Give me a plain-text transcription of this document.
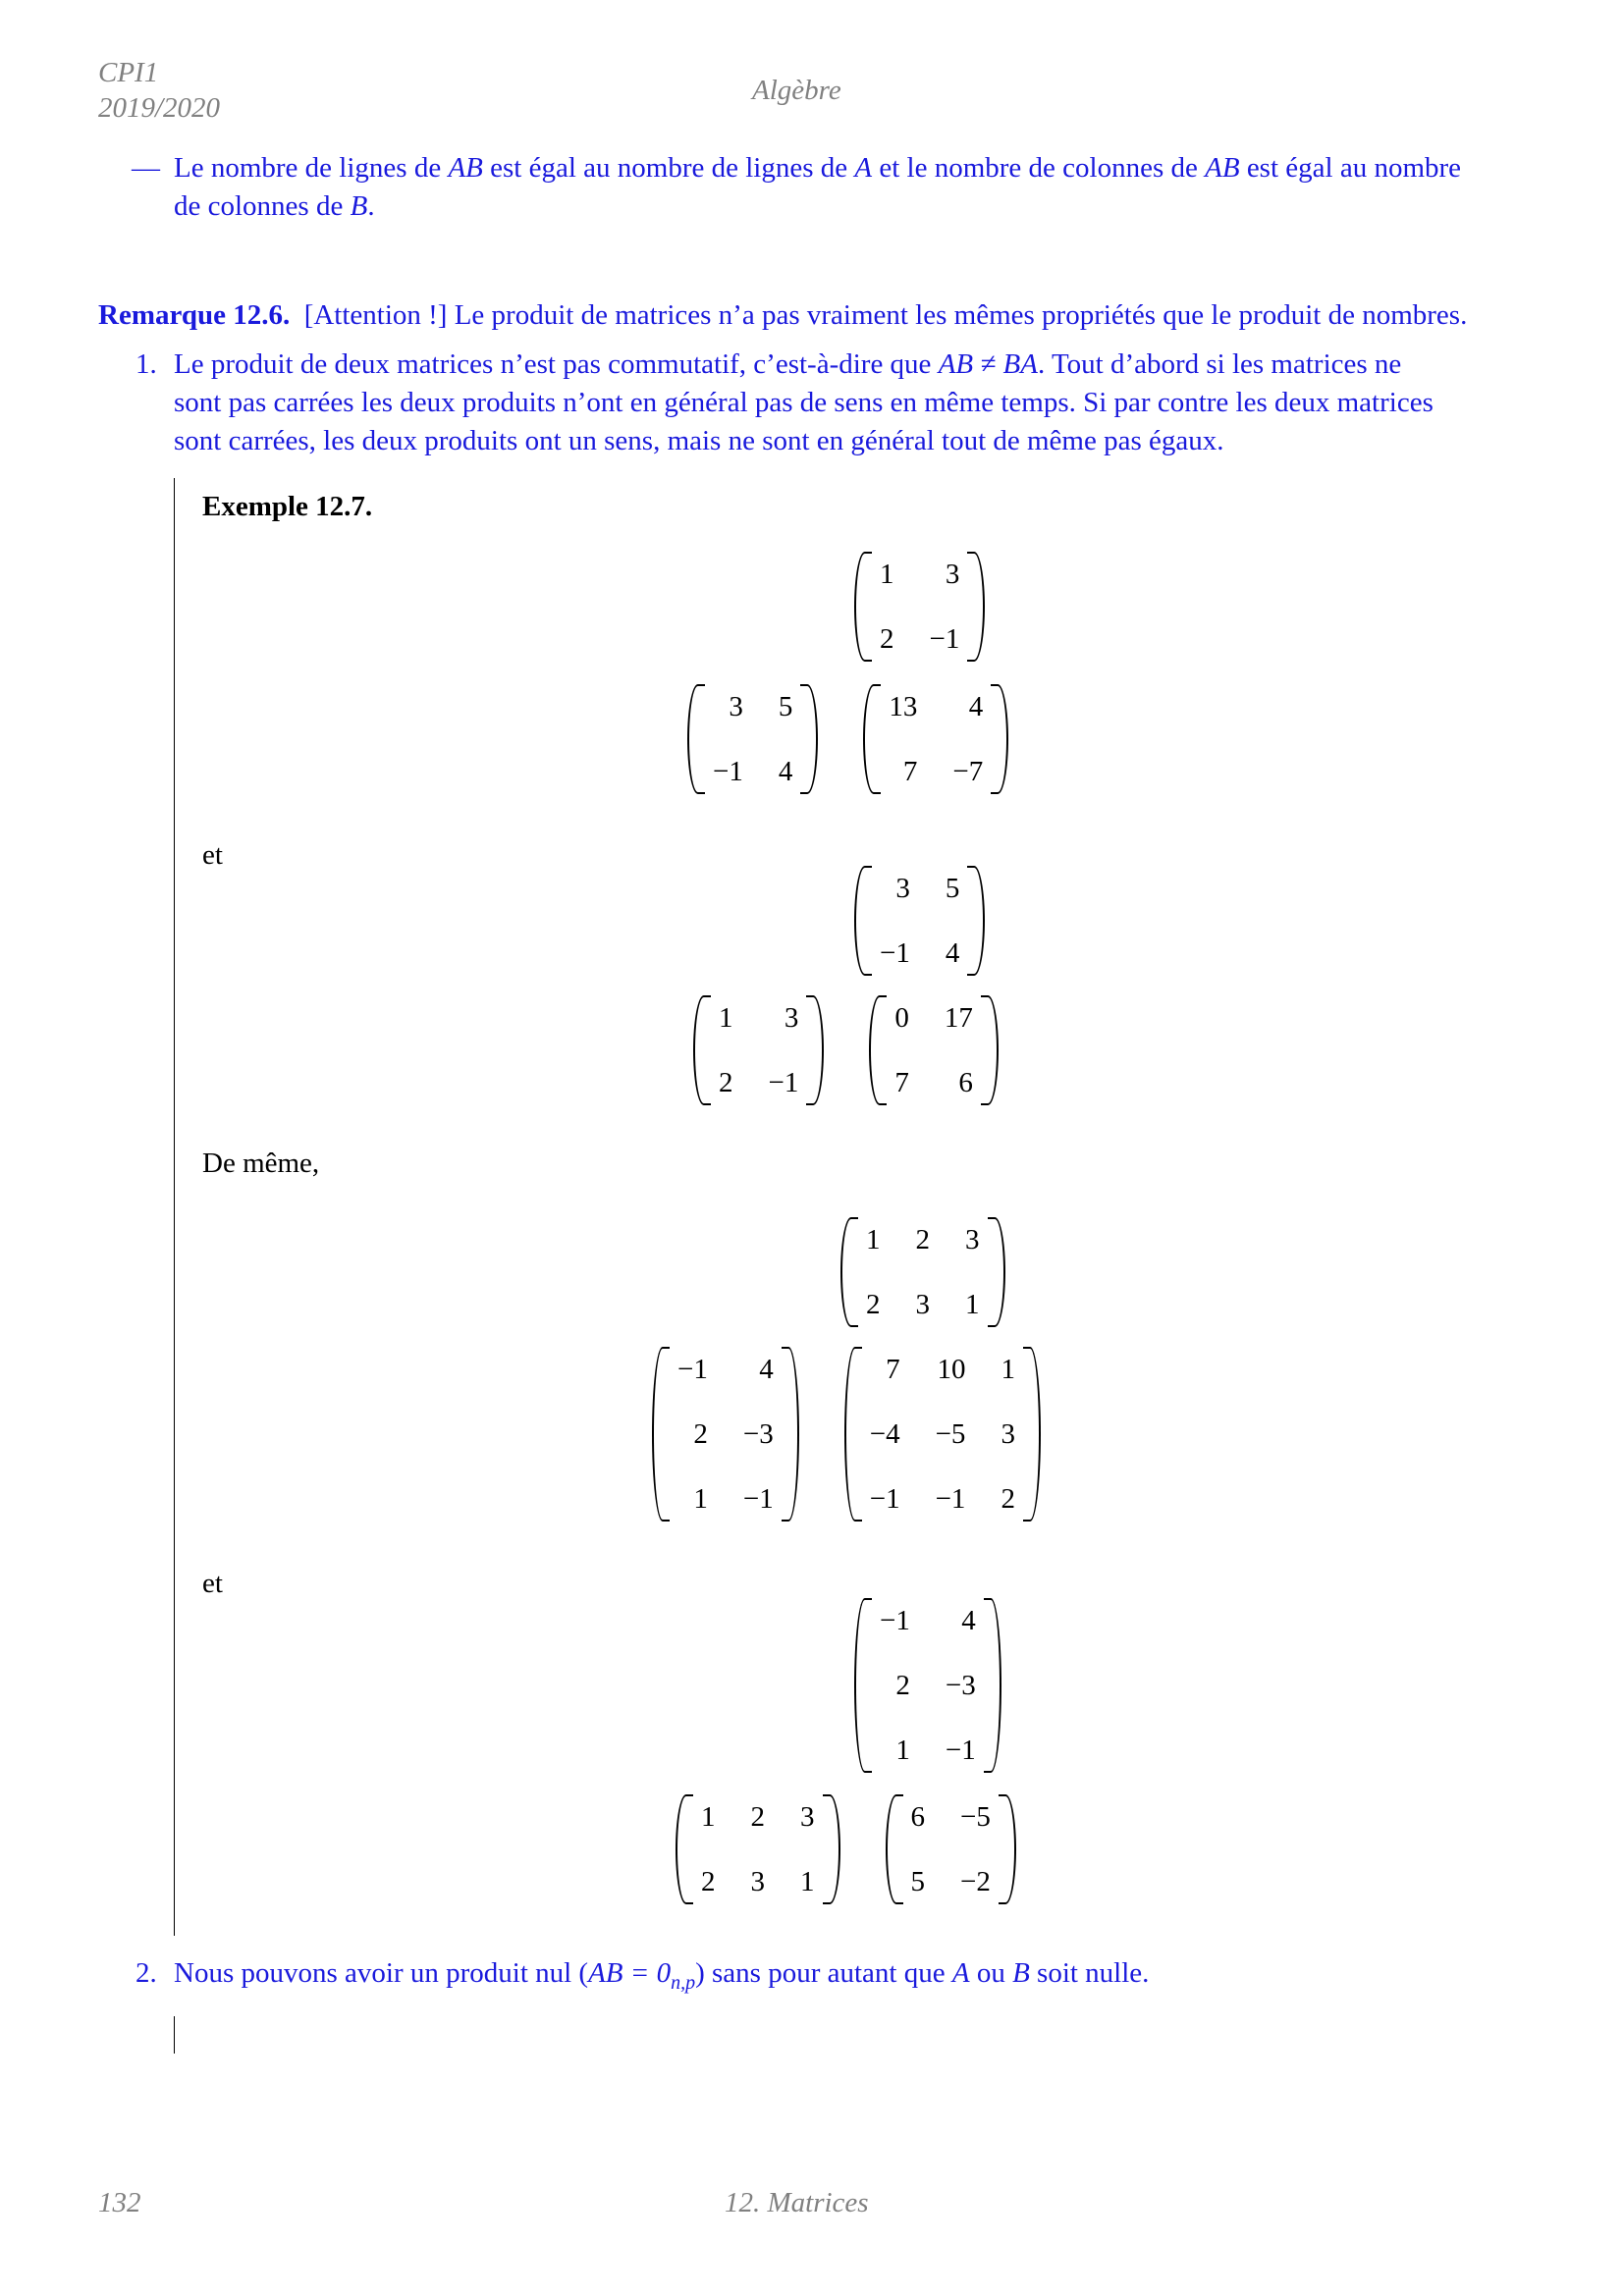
CPI1
2019/2020
Algèbre
— Le nombre de lignes de AB est égal au nombre de lignes de A et le nombre de colonnes de AB est égal au nombre
de colonnes de B.
Remarque 12.6. [Attention !] Le produit de matrices n’a pas vraiment les mêmes propriétés que le produit de nombres.
1. Le produit de deux matrices n’est pas commutatif, c’est-à-dire que AB ≠ BA. Tout d’abord si les matrices ne
sont pas carrées les deux produits n’ont en général pas de sens en même temps. Si par contre les deux matrices
sont carrées, les deux produits ont un sens, mais ne sont en général tout de même pas égaux.
Exemple 12.7.
1	3
2 −1
3 5
−1 4
13	4
7 −7
et
3 5
−1 4
1	3
2 −1
0 17
7	6
De même,
1 2 3
2 3 1
−1	4
2 −3
1 −1
7 10 1
−4 −5 3
−1 −1 2
et
−1	4
2 −3
1 −1
1 2 3
2 3 1
6 −5
5 −2
2. Nous pouvons avoir un produit nul $(AB = 0_{n,p})$ sans pour autant que A ou B soit nulle.
132	12. Matrices
